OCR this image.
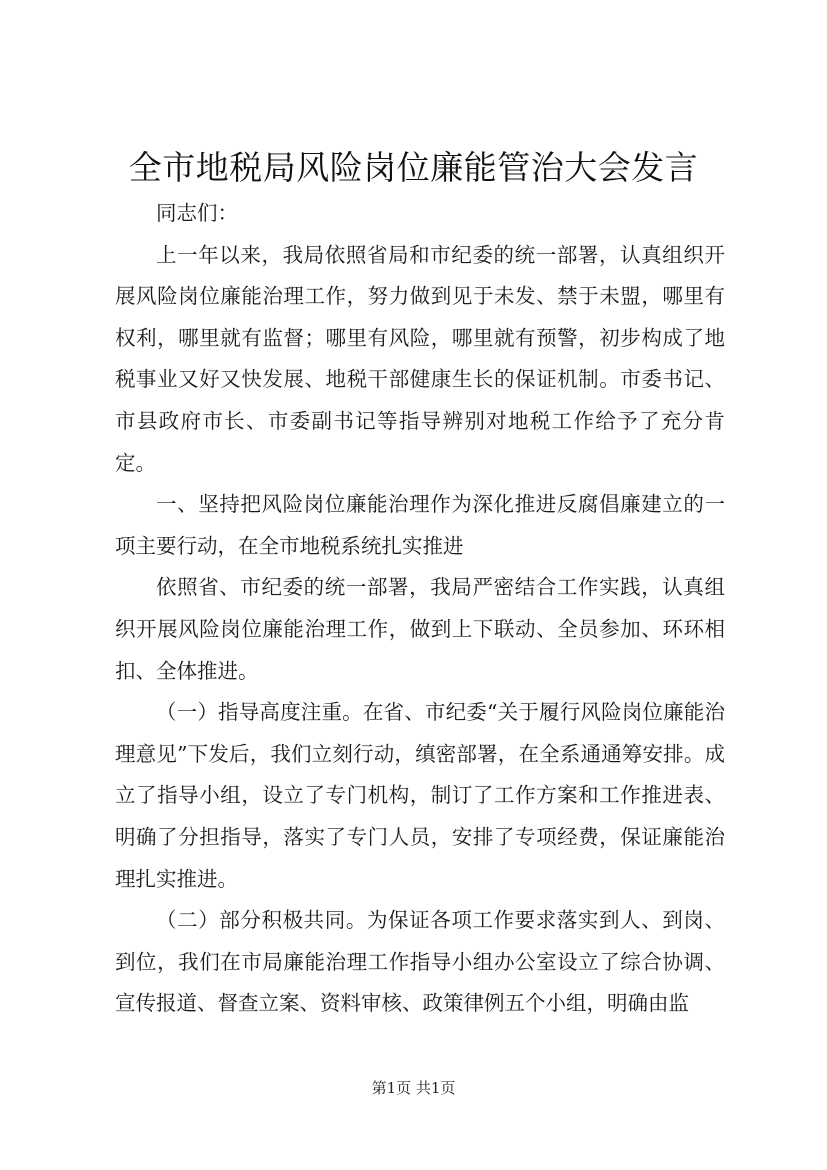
全市地税局风险岗位廉能管治大会发言

同志们：

上一年以来，我局依照省局和市纪委的统一部署，认真组织开展风险岗位廉能治理工作，努力做到见于未发、禁于未盟，哪里有权利，哪里就有监督；哪里有风险，哪里就有预警，初步构成了地税事业又好又快发展、地税干部健康生长的保证机制。市委书记、市县政府市长、市委副书记等指导辨别对地税工作给予了充分肯定。

一、坚持把风险岗位廉能治理作为深化推进反腐倡廉建立的一项主要行动，在全市地税系统扎实推进

依照省、市纪委的统一部署，我局严密结合工作实践，认真组织开展风险岗位廉能治理工作，做到上下联动、全员参加、环环相扣、全体推进。

（一）指导高度注重。在省、市纪委“关于履行风险岗位廉能治理意见”下发后，我们立刻行动，缜密部署，在全系通通筹安排。成立了指导小组，设立了专门机构，制订了工作方案和工作推进表、明确了分担指导，落实了专门人员，安排了专项经费，保证廉能治理扎实推进。

（二）部分积极共同。为保证各项工作要求落实到人、到岗、到位，我们在市局廉能治理工作指导小组办公室设立了综合协调、宣传报道、督查立案、资料审核、政策律例五个小组，明确由监

第1页 共1页
